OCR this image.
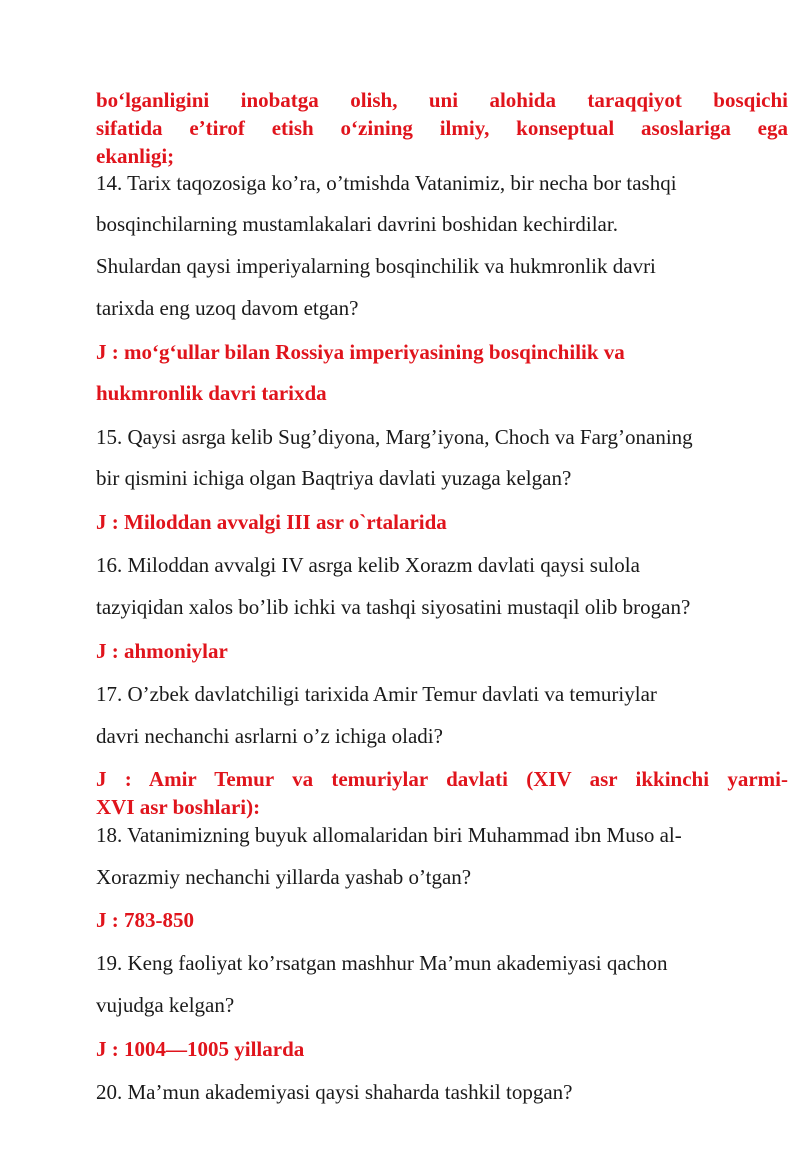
bo‘lganligini inobatga olish, uni alohida taraqqiyot bosqichi

sifatida e’tirof etish o‘zining ilmiy, konseptual asoslariga ega

ekanligi;

14. Tarix taqozosiga ko’ra, o’tmishda Vatanimiz, bir necha bor tashqi

bosqinchilarning mustamlakalari davrini boshidan kechirdilar.

Shulardan qaysi imperiyalarning bosqinchilik va hukmronlik davri

tarixda eng uzoq davom etgan?

J : mo‘g‘ullar bilan Rossiya imperiyasining bosqinchilik va

hukmronlik davri tarixda

15. Qaysi asrga kelib Sug’diyona, Marg’iyona, Choch va Farg’onaning

bir qismini ichiga olgan Baqtriya davlati yuzaga kelgan?

J : Miloddan avvalgi III asr o`rtalarida

16. Miloddan avvalgi IV asrga kelib Xorazm davlati qaysi sulola

tazyiqidan xalos bo’lib ichki va tashqi siyosatini mustaqil olib brogan?

J : ahmoniylar

17. O’zbek davlatchiligi tarixida Amir Temur davlati va temuriylar

davri nechanchi asrlarni o’z ichiga oladi?

J : Amir Temur va temuriylar davlati (XIV asr ikkinchi yarmi-

XVI asr boshlari):

18. Vatanimizning buyuk allomalaridan biri Muhammad ibn Muso al-

Xorazmiy nechanchi yillarda yashab o’tgan?

J : 783-850

19. Keng faoliyat ko’rsatgan mashhur Ma’mun akademiyasi qachon

vujudga kelgan?

J : 1004—1005 yillarda

20. Ma’mun akademiyasi qaysi shaharda tashkil topgan?
